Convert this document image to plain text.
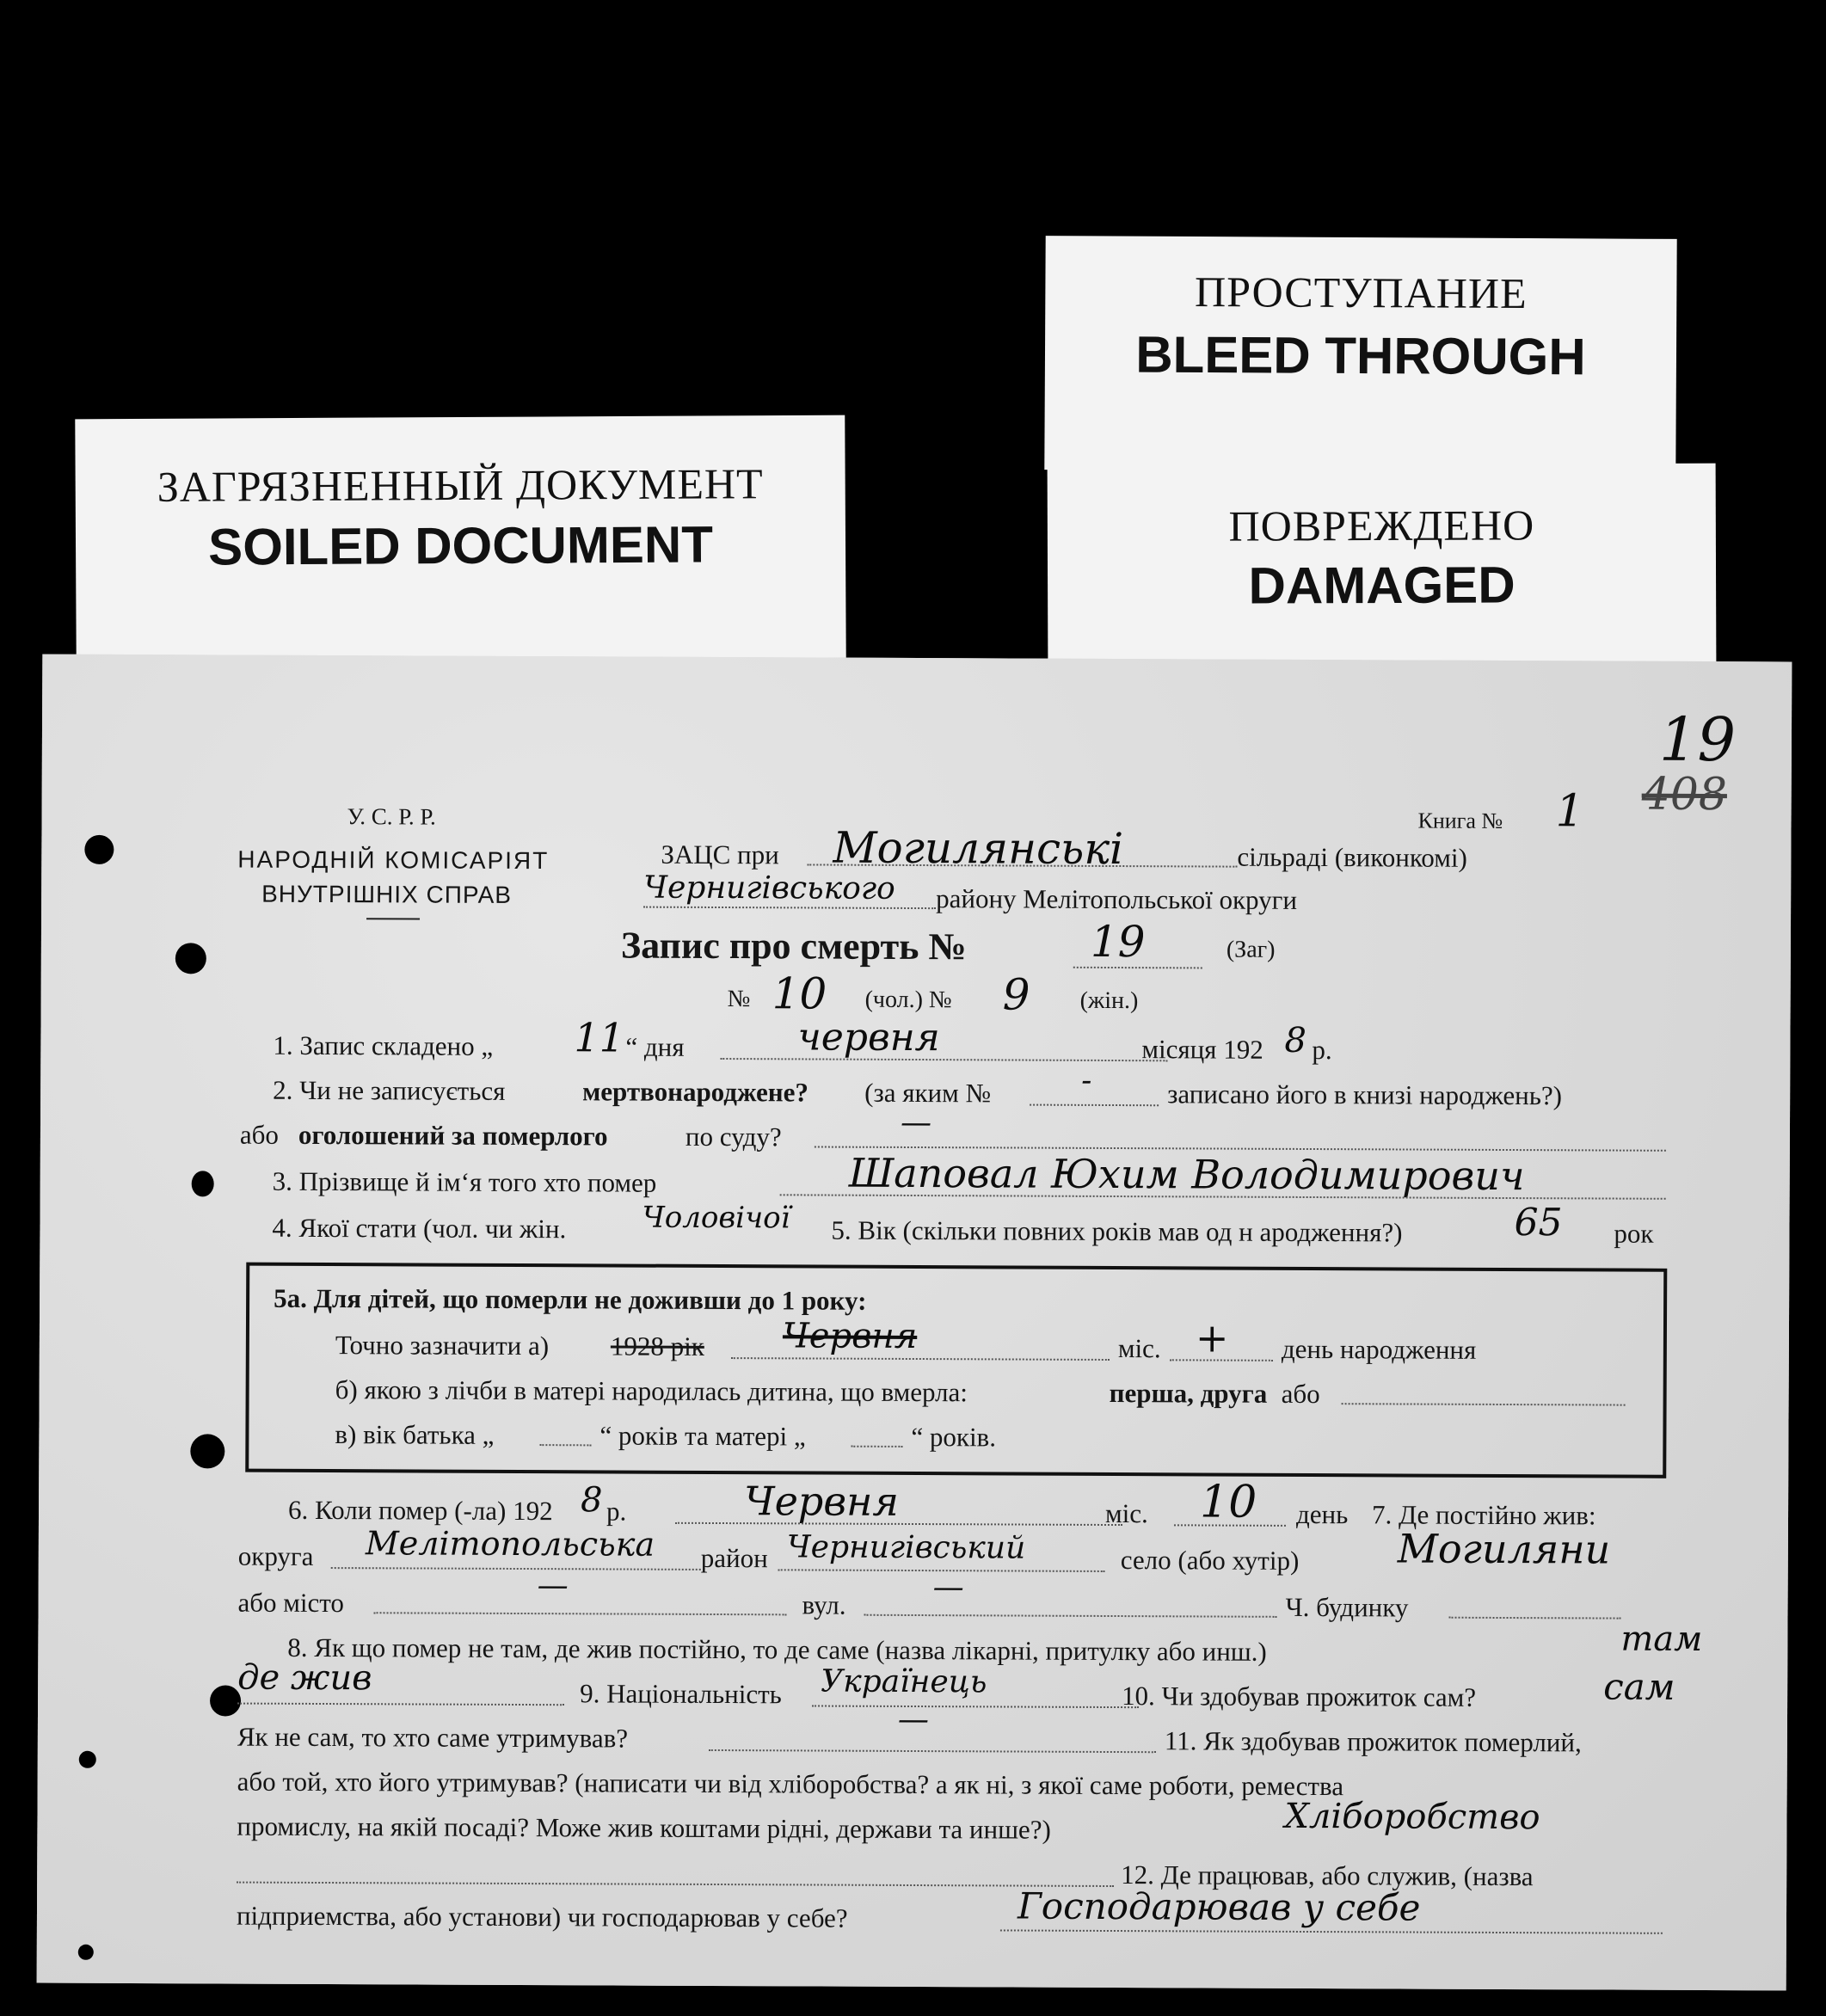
ЗАГРЯЗНЕННЫЙ ДОКУМЕНТ
SOILED DOCUMENT
ПРОСТУПАНИЕ
BLEED THROUGH
ПОВРЕЖДЕНО
DAMAGED
19
408
У. С. Р. Р.
НАРОДНІЙ КОМІСАРІЯТ
ВНУТРІШНІХ СПРАВ
Книга № 1
ЗАЦС при Могилянські	сільраді (виконкомі)
Чернигівського району Мелітопольської округи
Запис про смерть №	19	(Заг)
№ 10 (чол.) № 9 (жін.)
1. Запис складено „ 11 “ дня	червня	місяця 192 8 р.
2. Чи не записується	мертвонароджене? (за яким №	-	записано його в книзі народжень?)
або оголошений за померлого	по суду?	—
3. Прізвище й ім‘я того хто помер	Шаповал Юхим Володимирович
4. Якої стати (чол. чи жін.	Чоловічої 5. Вік (скільки повних років мав од н ародження?)	65 рок
5а. Для дітей, що померли не доживши до 1 року:
Точно зазначити а) 1928 рік Червня	міс. + день народження
б) якою з лічби в матері народилась дитина, що вмерла:	перша, друга або
в) вік батька „	“ років та матері „	“ років.
6. Коли помер (-ла) 192 8 р.	Червня	міс. 10 день 7. Де постійно жив:
округа Мелітопольська район Чернигівський	село (або хутір) Могиляни
або місто	—
вул.	—
Ч. будинку
8. Як що помер не там, де жив постійно, то де саме (назва лікарні, притулку або инш.)	там
де жив	9. Національність Українець	10. Чи здобував прожиток сам?	сам
Як не сам, то хто саме утримував?	—
11. Як здобував прожиток померлий,
або той, хто його утримував? (написати чи від хліборобства? а як ні, з якої саме роботи, ремества
промислу, на якій посаді? Може жив коштами рідні, держави та инше?)	Хліборобство
12. Де працював, або служив, (назва
підприемства, або установи) чи господарював у себе?	Господарював у себе
